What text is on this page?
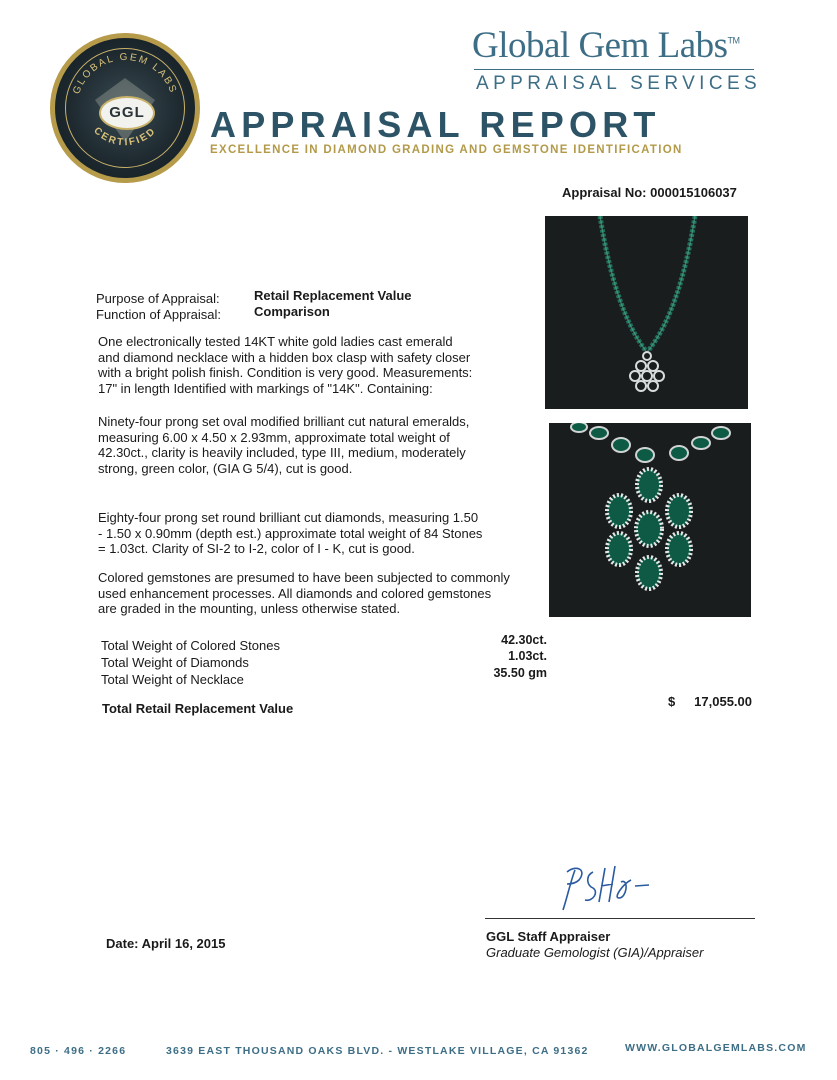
GLOBAL GEM LABS
CERTIFIED
GGL
Global Gem Labs™
APPRAISAL SERVICES
APPRAISAL REPORT
EXCELLENCE IN DIAMOND GRADING AND GEMSTONE IDENTIFICATION
Appraisal No: 000015106037
Purpose of Appraisal:	Retail Replacement Value
Function of Appraisal:	Comparison
One electronically tested 14KT white gold ladies cast emerald
and diamond necklace with a hidden box clasp with safety closer
with a bright polish finish. Condition is very good. Measurements:
17" in length Identified with markings of "14K". Containing:
Ninety-four prong set oval modified brilliant cut natural emeralds,
measuring 6.00 x 4.50 x 2.93mm, approximate total weight of
42.30ct., clarity is heavily included, type III, medium, moderately
strong, green color, (GIA G 5/4), cut is good.
Eighty-four prong set round brilliant cut diamonds, measuring 1.50
- 1.50 x 0.90mm (depth est.) approximate total weight of 84 Stones
= 1.03ct. Clarity of SI-2 to I-2, color of I - K, cut is good.
Colored gemstones are presumed to have been subjected to commonly
used enhancement processes. All diamonds and colored gemstones
are graded in the mounting, unless otherwise stated.
Total Weight of Colored Stones	42.30ct.
Total Weight of Diamonds	1.03ct.
Total Weight of Necklace	35.50 gm
Total Retail Replacement Value	$	17,055.00
Date: April 16, 2015	GGL Staff Appraiser
Graduate Gemologist (GIA)/Appraiser
805 · 496 · 2266	3639 EAST THOUSAND OAKS BLVD. - WESTLAKE VILLAGE, CA 91362	WWW.GLOBALGEMLABS.COM
